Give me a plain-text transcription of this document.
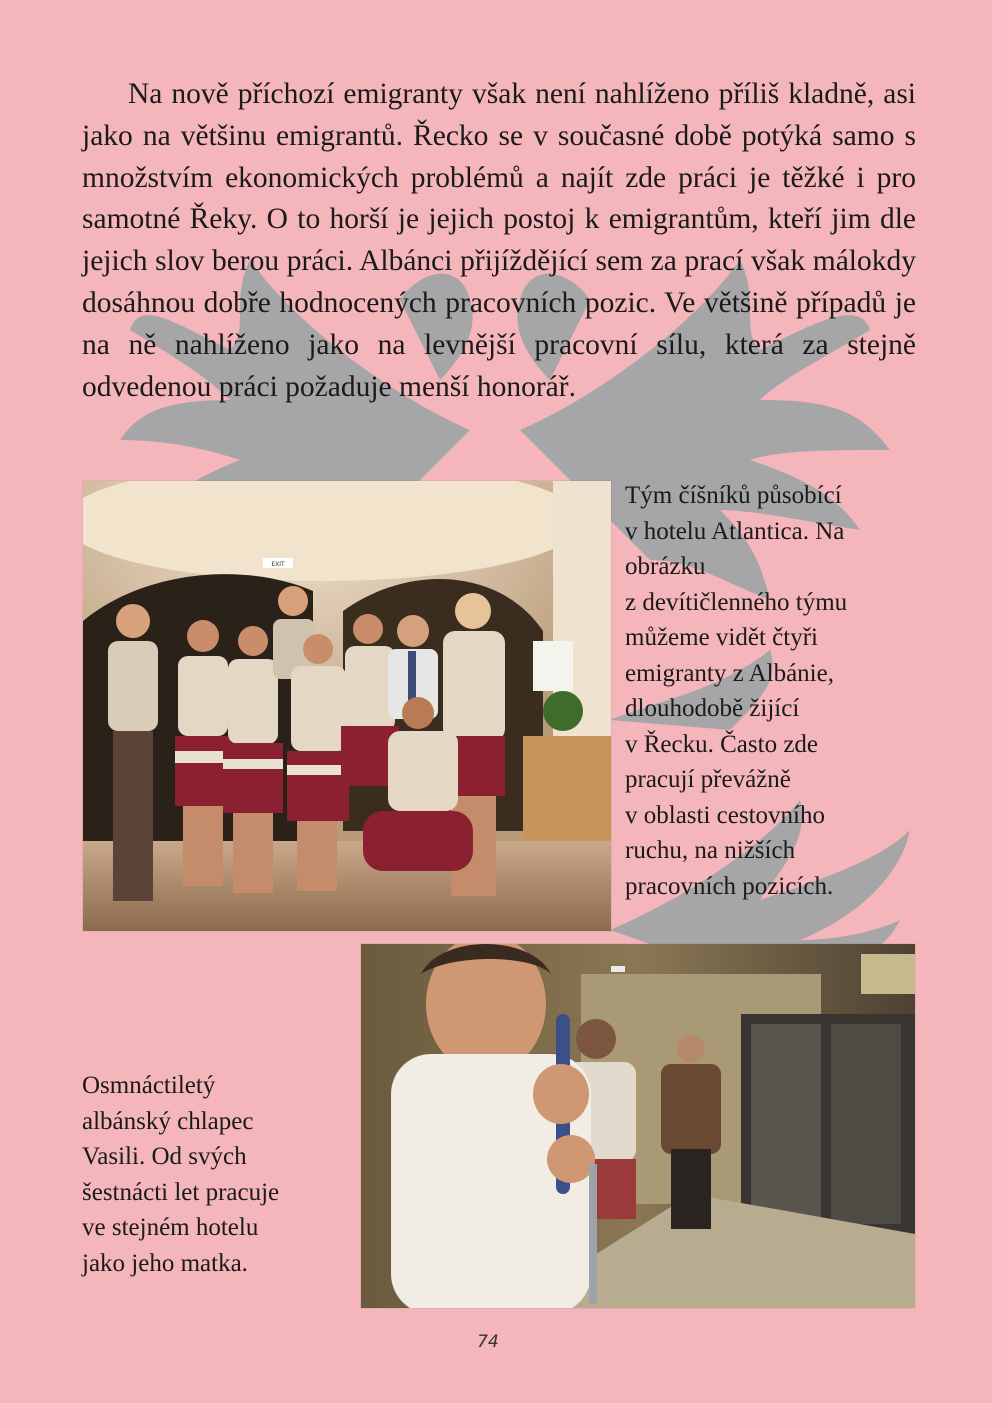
Na nově příchozí emigranty však není nahlíženo příliš kladně, asi jako na většinu emigrantů. Řecko se v současné době potýká samo s množstvím ekonomických problémů a najít zde práci je těžké i pro samotné Řeky. O to horší je jejich postoj k emigrantům, kteří jim dle jejich slov berou práci. Albánci přijíždějící sem za prací však málokdy dosáhnou dobře hodnocených pracovních pozic. Ve většině případů je na ně nahlíženo jako na levnější pracovní sílu, která za stejně odvedenou práci požaduje menší honorář.

EXIT
Tým číšníků působící
v hotelu Atlantica. Na
obrázku
z devítičlenného týmu
můžeme vidět čtyři
emigranty z Albánie,
dlouhodobě žijící
v Řecku. Často zde
pracují převážně
v oblasti cestovního
ruchu, na nižších
pracovních pozicích.
Osmnáctiletý
albánský chlapec
Vasili. Od svých
šestnácti let pracuje
ve stejném hotelu
jako jeho matka.
74
